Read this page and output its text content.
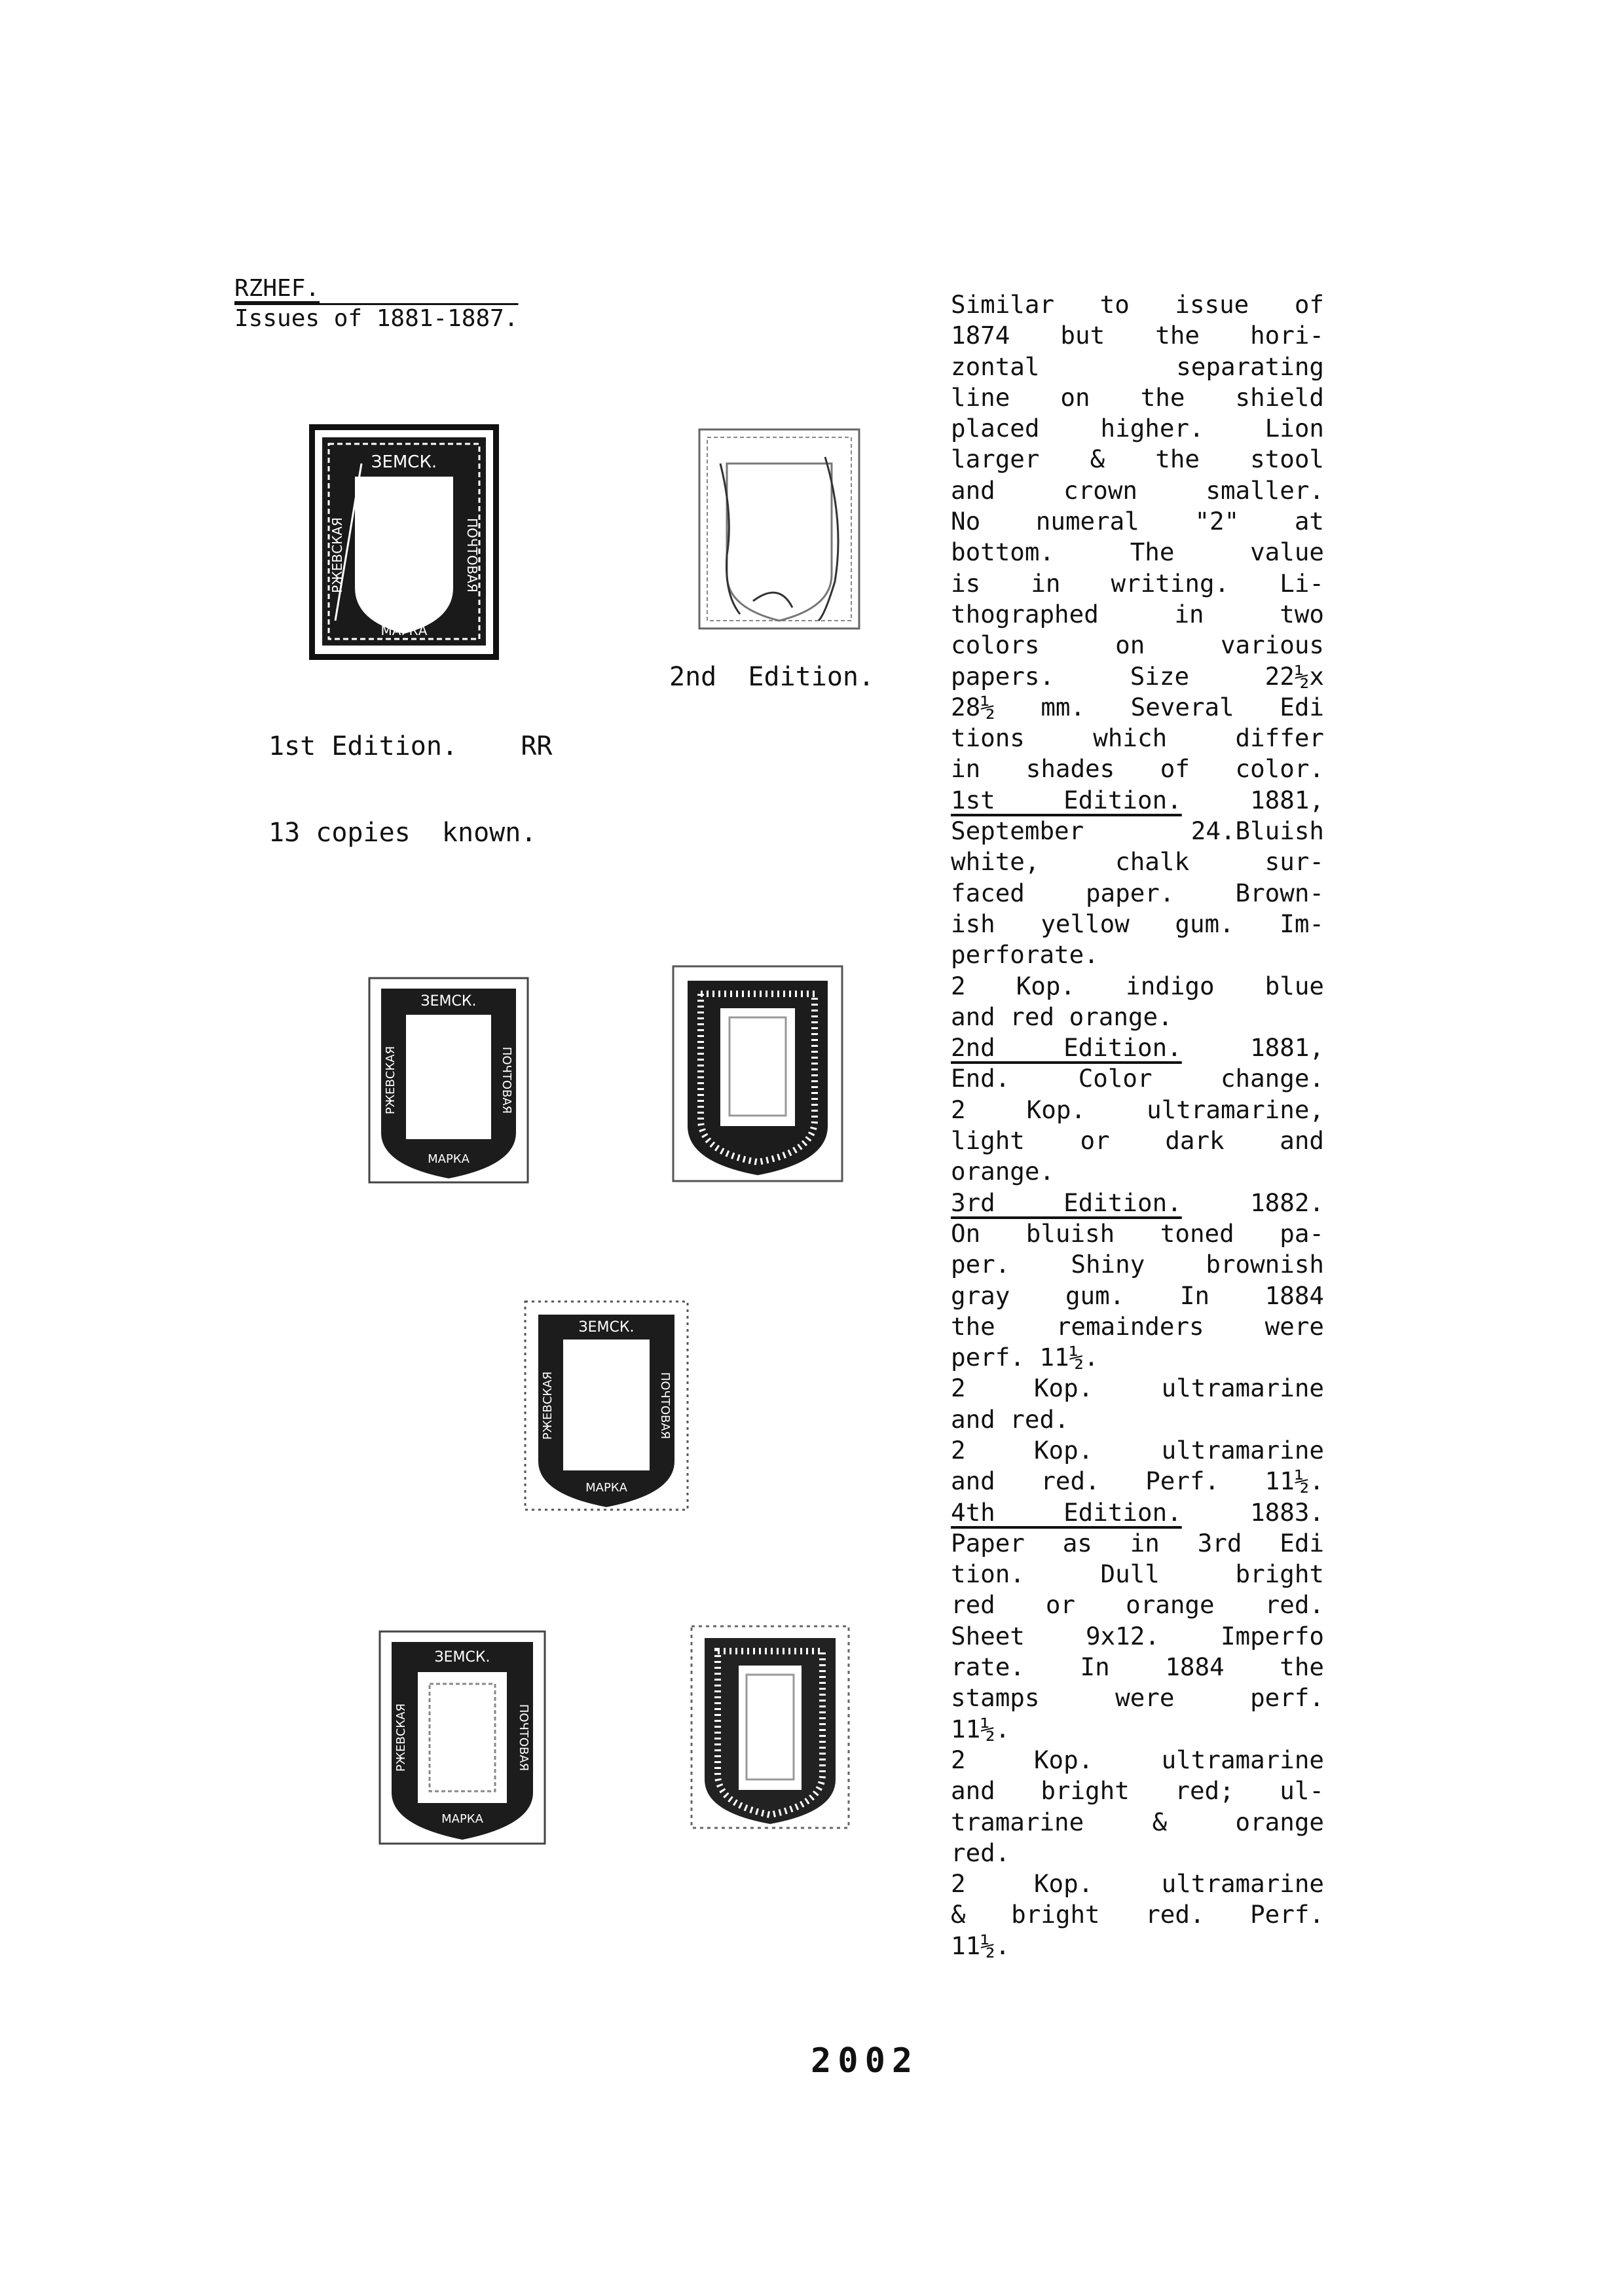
RZHEF.
Issues of 1881-1887.
ЗЕМСК.
РЖЕВСКАЯ	ПОЧТОВАЯ
МАРКА

1st Edition.    RR

13 copies  known.

2nd  Edition.
ЗЕМСК.
РЖЕВСКАЯ	ПОЧТОВАЯ
МАРКА
ЗЕМСК.
РЖЕВСКАЯ	ПОЧТОВАЯ
МАРКА
ЗЕМСК.
РЖЕВСКАЯ	ПОЧТОВАЯ
МАРКА
Similar to issue of
1874 but the hori-
zontal separating
line on the shield
placed higher. Lion
larger & the stool
and crown smaller.
No numeral "2" at
bottom. The value
is in writing. Li-
thographed in two
colors on various
papers. Size 22½x
28½ mm. Several Edi
tions which differ
in shades of color.
1st Edition. 1881,
September 24.Bluish
white, chalk sur-
faced paper. Brown-
ish yellow gum. Im-
perforate.
2 Kop. indigo blue
and red orange.
2nd Edition. 1881,
End. Color change.
2 Kop. ultramarine,
light or dark and
orange.
3rd Edition. 1882.
On bluish toned pa-
per. Shiny brownish
gray gum. In 1884
the remainders were
perf. 11½.
2 Kop. ultramarine
and red.
2 Kop. ultramarine
and red. Perf. 11½.
4th Edition. 1883.
Paper as in 3rd Edi
tion. Dull bright
red or orange red.
Sheet 9x12. Imperfo
rate. In 1884 the
stamps were perf.
11½.
2 Kop. ultramarine
and bright red; ul-
tramarine & orange
red.
2 Kop. ultramarine
& bright red. Perf.
11½.
2002
